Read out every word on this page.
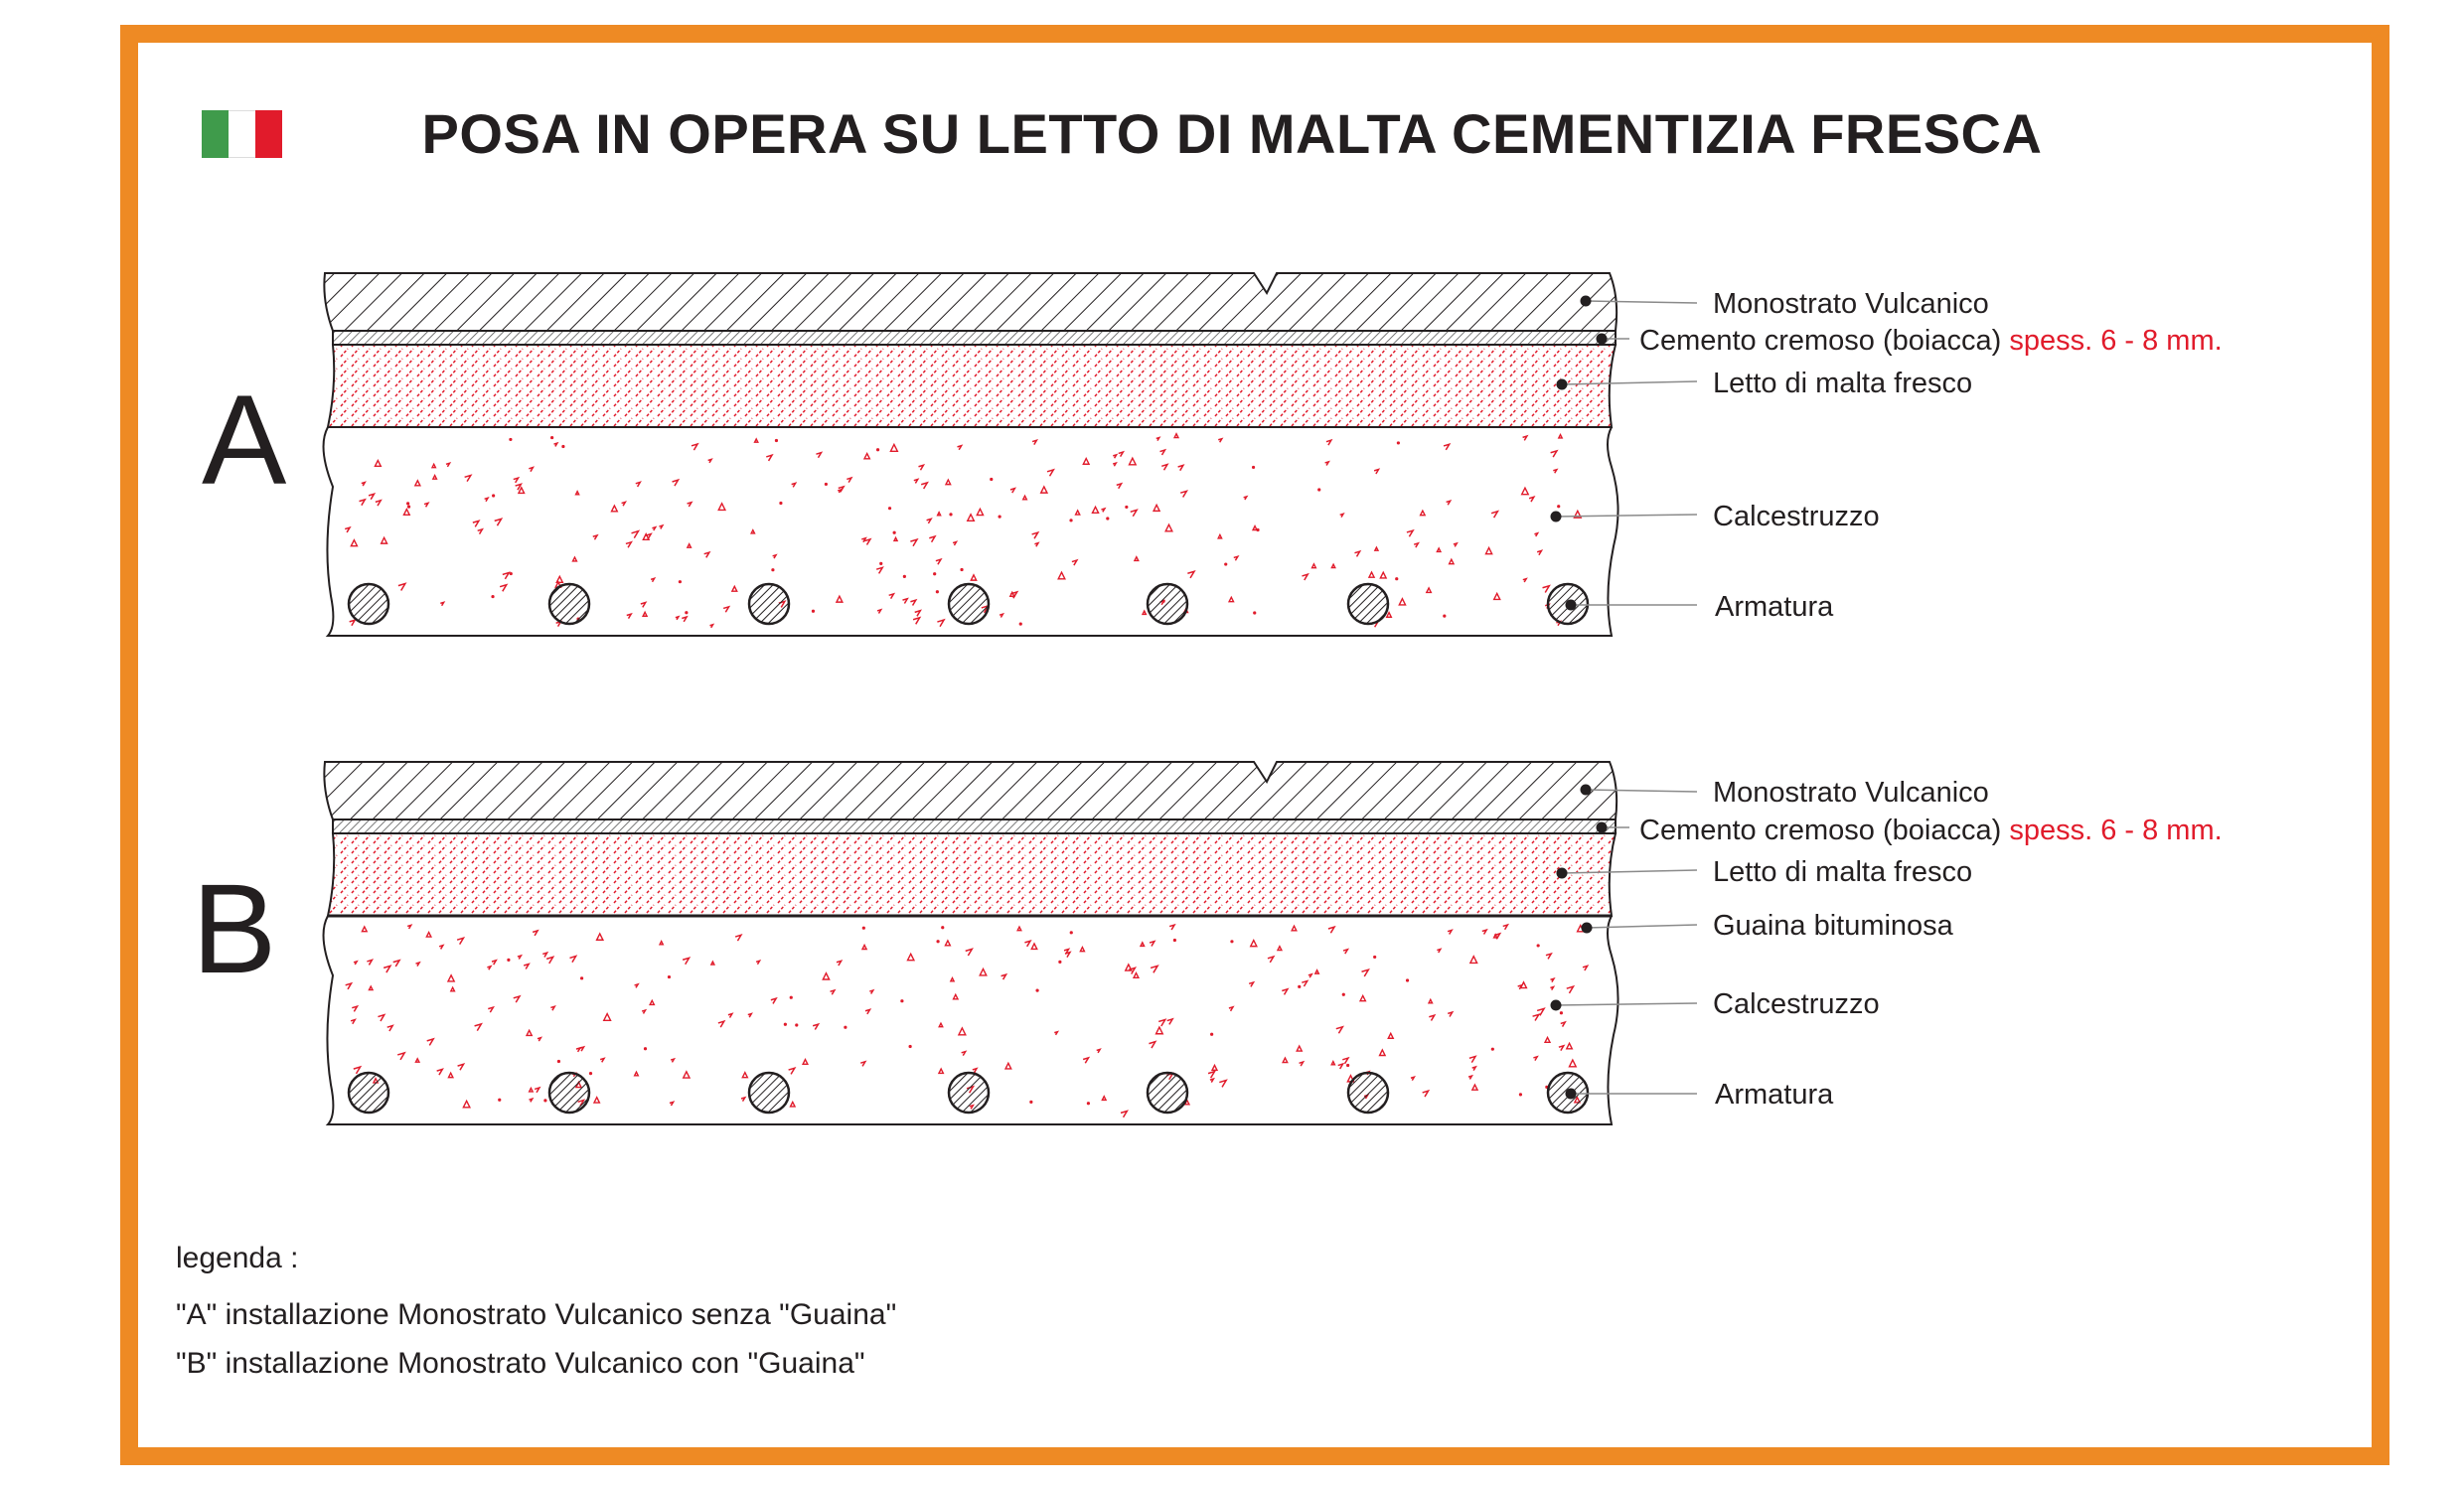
POSA IN OPERA SU LETTO DI MALTA CEMENTIZIA FRESCA
A
Monostrato Vulcanico
Cemento cremoso (boiacca) spess. 6 - 8 mm.
Letto di malta fresco
Calcestruzzo
Armatura
B
Monostrato Vulcanico
Cemento cremoso (boiacca) spess. 6 - 8 mm.
Letto di malta fresco
Guaina bituminosa
Calcestruzzo
Armatura
legenda :
"A" installazione Monostrato Vulcanico senza "Guaina"
"B" installazione Monostrato Vulcanico con "Guaina"
